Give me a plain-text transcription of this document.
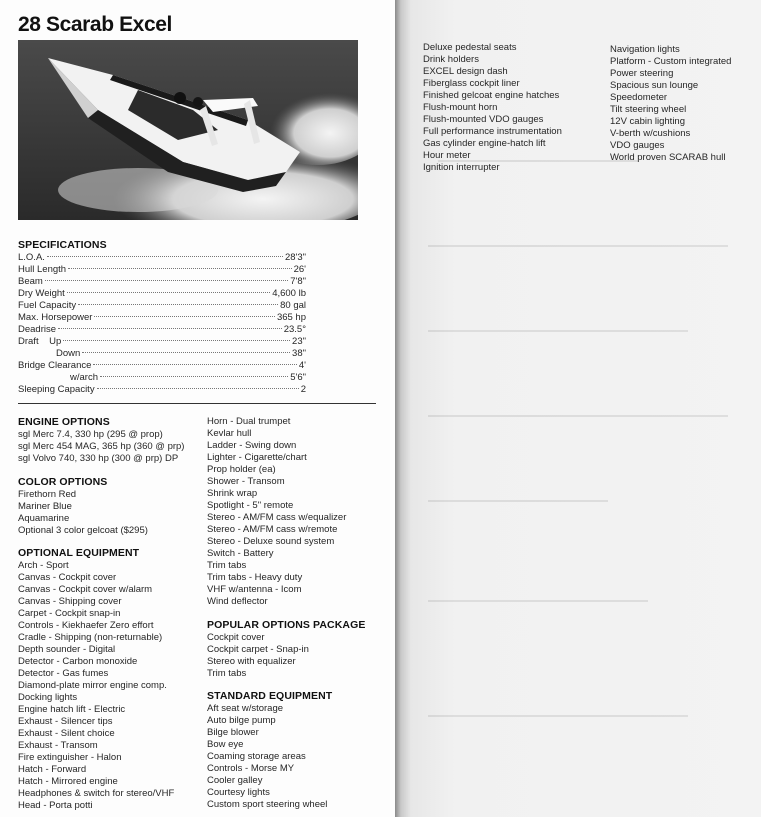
28 Scarab Excel
SPECIFICATIONS
L.O.A.	28'3"
Hull Length	26'
Beam	7'8"
Dry Weight	4,600 lb
Fuel Capacity	80 gal
Max. Horsepower	365 hp
Deadrise	23.5°
Draft    Up	23"
Down	38"
Bridge Clearance	4'
w/arch	5'6"
Sleeping Capacity	2
ENGINE OPTIONS
sgl Merc 7.4, 330 hp (295 @ prop)
sgl Merc 454 MAG, 365 hp (360 @ prp)
sgl Volvo 740, 330 hp (300 @ prp) DP
COLOR OPTIONS
Firethorn Red
Mariner Blue
Aquamarine
Optional 3 color gelcoat ($295)
OPTIONAL EQUIPMENT
Arch - Sport
Canvas - Cockpit cover
Canvas - Cockpit cover w/alarm
Canvas - Shipping cover
Carpet - Cockpit snap-in
Controls - Kiekhaefer Zero effort
Cradle - Shipping (non-returnable)
Depth sounder - Digital
Detector - Carbon monoxide
Detector - Gas fumes
Diamond-plate mirror engine comp.
Docking lights
Engine hatch lift - Electric
Exhaust - Silencer tips
Exhaust - Silent choice
Exhaust - Transom
Fire extinguisher - Halon
Hatch - Forward
Hatch - Mirrored engine
Headphones & switch for stereo/VHF
Head - Porta potti
Horn - Dual trumpet
Kevlar hull
Ladder - Swing down
Lighter - Cigarette/chart
Prop holder (ea)
Shower - Transom
Shrink wrap
Spotlight - 5" remote
Stereo - AM/FM cass w/equalizer
Stereo - AM/FM cass w/remote
Stereo - Deluxe sound system
Switch - Battery
Trim tabs
Trim tabs - Heavy duty
VHF w/antenna - Icom
Wind deflector
POPULAR OPTIONS PACKAGE
Cockpit cover
Cockpit carpet - Snap-in
Stereo with equalizer
Trim tabs
STANDARD EQUIPMENT
Aft seat w/storage
Auto bilge pump
Bilge blower
Bow eye
Coaming storage areas
Controls - Morse MY
Cooler galley
Courtesy lights
Custom sport steering wheel
Deluxe pedestal seats
Drink holders
EXCEL design dash
Fiberglass cockpit liner
Finished gelcoat engine hatches
Flush-mount horn
Flush-mounted VDO gauges
Full performance instrumentation
Gas cylinder engine-hatch lift
Hour meter
Ignition interrupter
Navigation lights
Platform - Custom integrated
Power steering
Spacious sun lounge
Speedometer
Tilt steering wheel
12V cabin lighting
V-berth w/cushions
VDO gauges
World proven SCARAB hull
